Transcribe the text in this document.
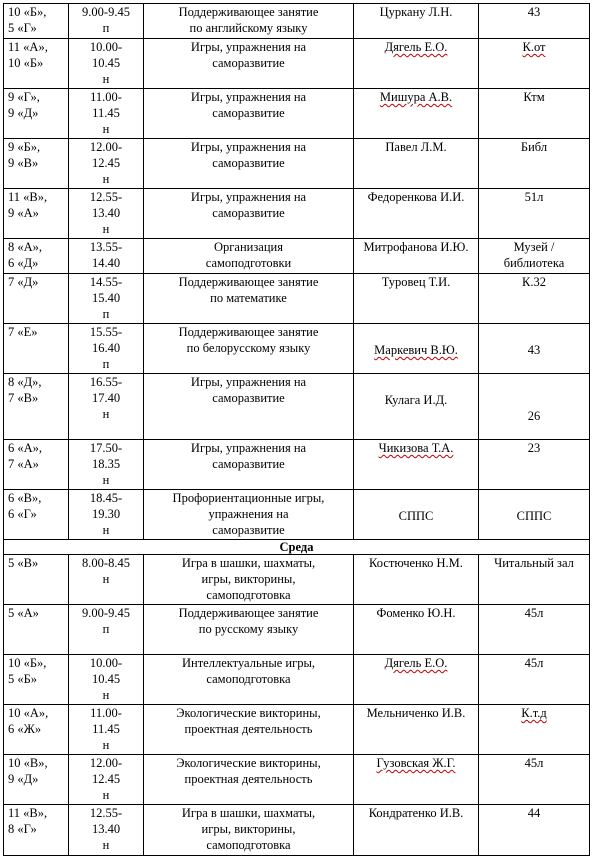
10 «Б»,
5 «Г»	9.00-9.45
п	Поддерживающее занятие
по английскому языку	Цуркану Л.Н.	43

11 «А»,
10 «Б»	10.00-
10.45
н	Игры, упражнения на
саморазвитие	Дягель Е.О.	К.от

9 «Г»,
9 «Д»	11.00-
11.45
н	Игры, упражнения на
саморазвитие	Мишура А.В.	Ктм

9 «Б»,
9 «В»	12.00-
12.45
н	Игры, упражнения на
саморазвитие	Павел Л.М.	Библ

11 «В»,
9 «А»	12.55-
13.40
н	Игры, упражнения на
саморазвитие	Федоренкова И.И.	51л

8 «А»,
6 «Д»	13.55-
14.40	Организация
самоподготовки	Митрофанова И.Ю.	Музей /
библиотека

7 «Д»	14.55-
15.40
п	Поддерживающее занятие
по математике	Туровец Т.И.	К.32

7 «Е»	15.55-
16.40
п	Поддерживающее занятие
по белорусскому языку	Маркевич В.Ю.	43

8 «Д»,
7 «В»	16.55-
17.40
н	Игры, упражнения на
саморазвитие	Кулага И.Д.	26

6 «А»,
7 «А»	17.50-
18.35
н	Игры, упражнения на
саморазвитие	Чикизова Т.А.	23

6 «В»,
6 «Г»	18.45-
19.30
н	Профориентационные игры,
упражнения на
саморазвитие	СППС	СППС

Среда				

5 «В»	8.00-8.45
н	Игра в шашки, шахматы,
игры, викторины,
самоподготовка	Костюченко Н.М.	Читальный зал

5 «А»	9.00-9.45
п	Поддерживающее занятие
по русскому языку	Фоменко Ю.Н.	45л

10 «Б»,
5 «Б»	10.00-
10.45
н	Интеллектуальные игры,
самоподготовка	Дягель Е.О.	45л

10 «А»,
6 «Ж»	11.00-
11.45
н	Экологические викторины,
проектная деятельность	Мельниченко И.В.	К.т.д

10 «В»,
9 «Д»	12.00-
12.45
н	Экологические викторины,
проектная деятельность	Гузовская Ж.Г.	45л

11 «В»,
8 «Г»	12.55-
13.40
н	Игра в шашки, шахматы,
игры, викторины,
самоподготовка	Кондратенко И.В.	44
